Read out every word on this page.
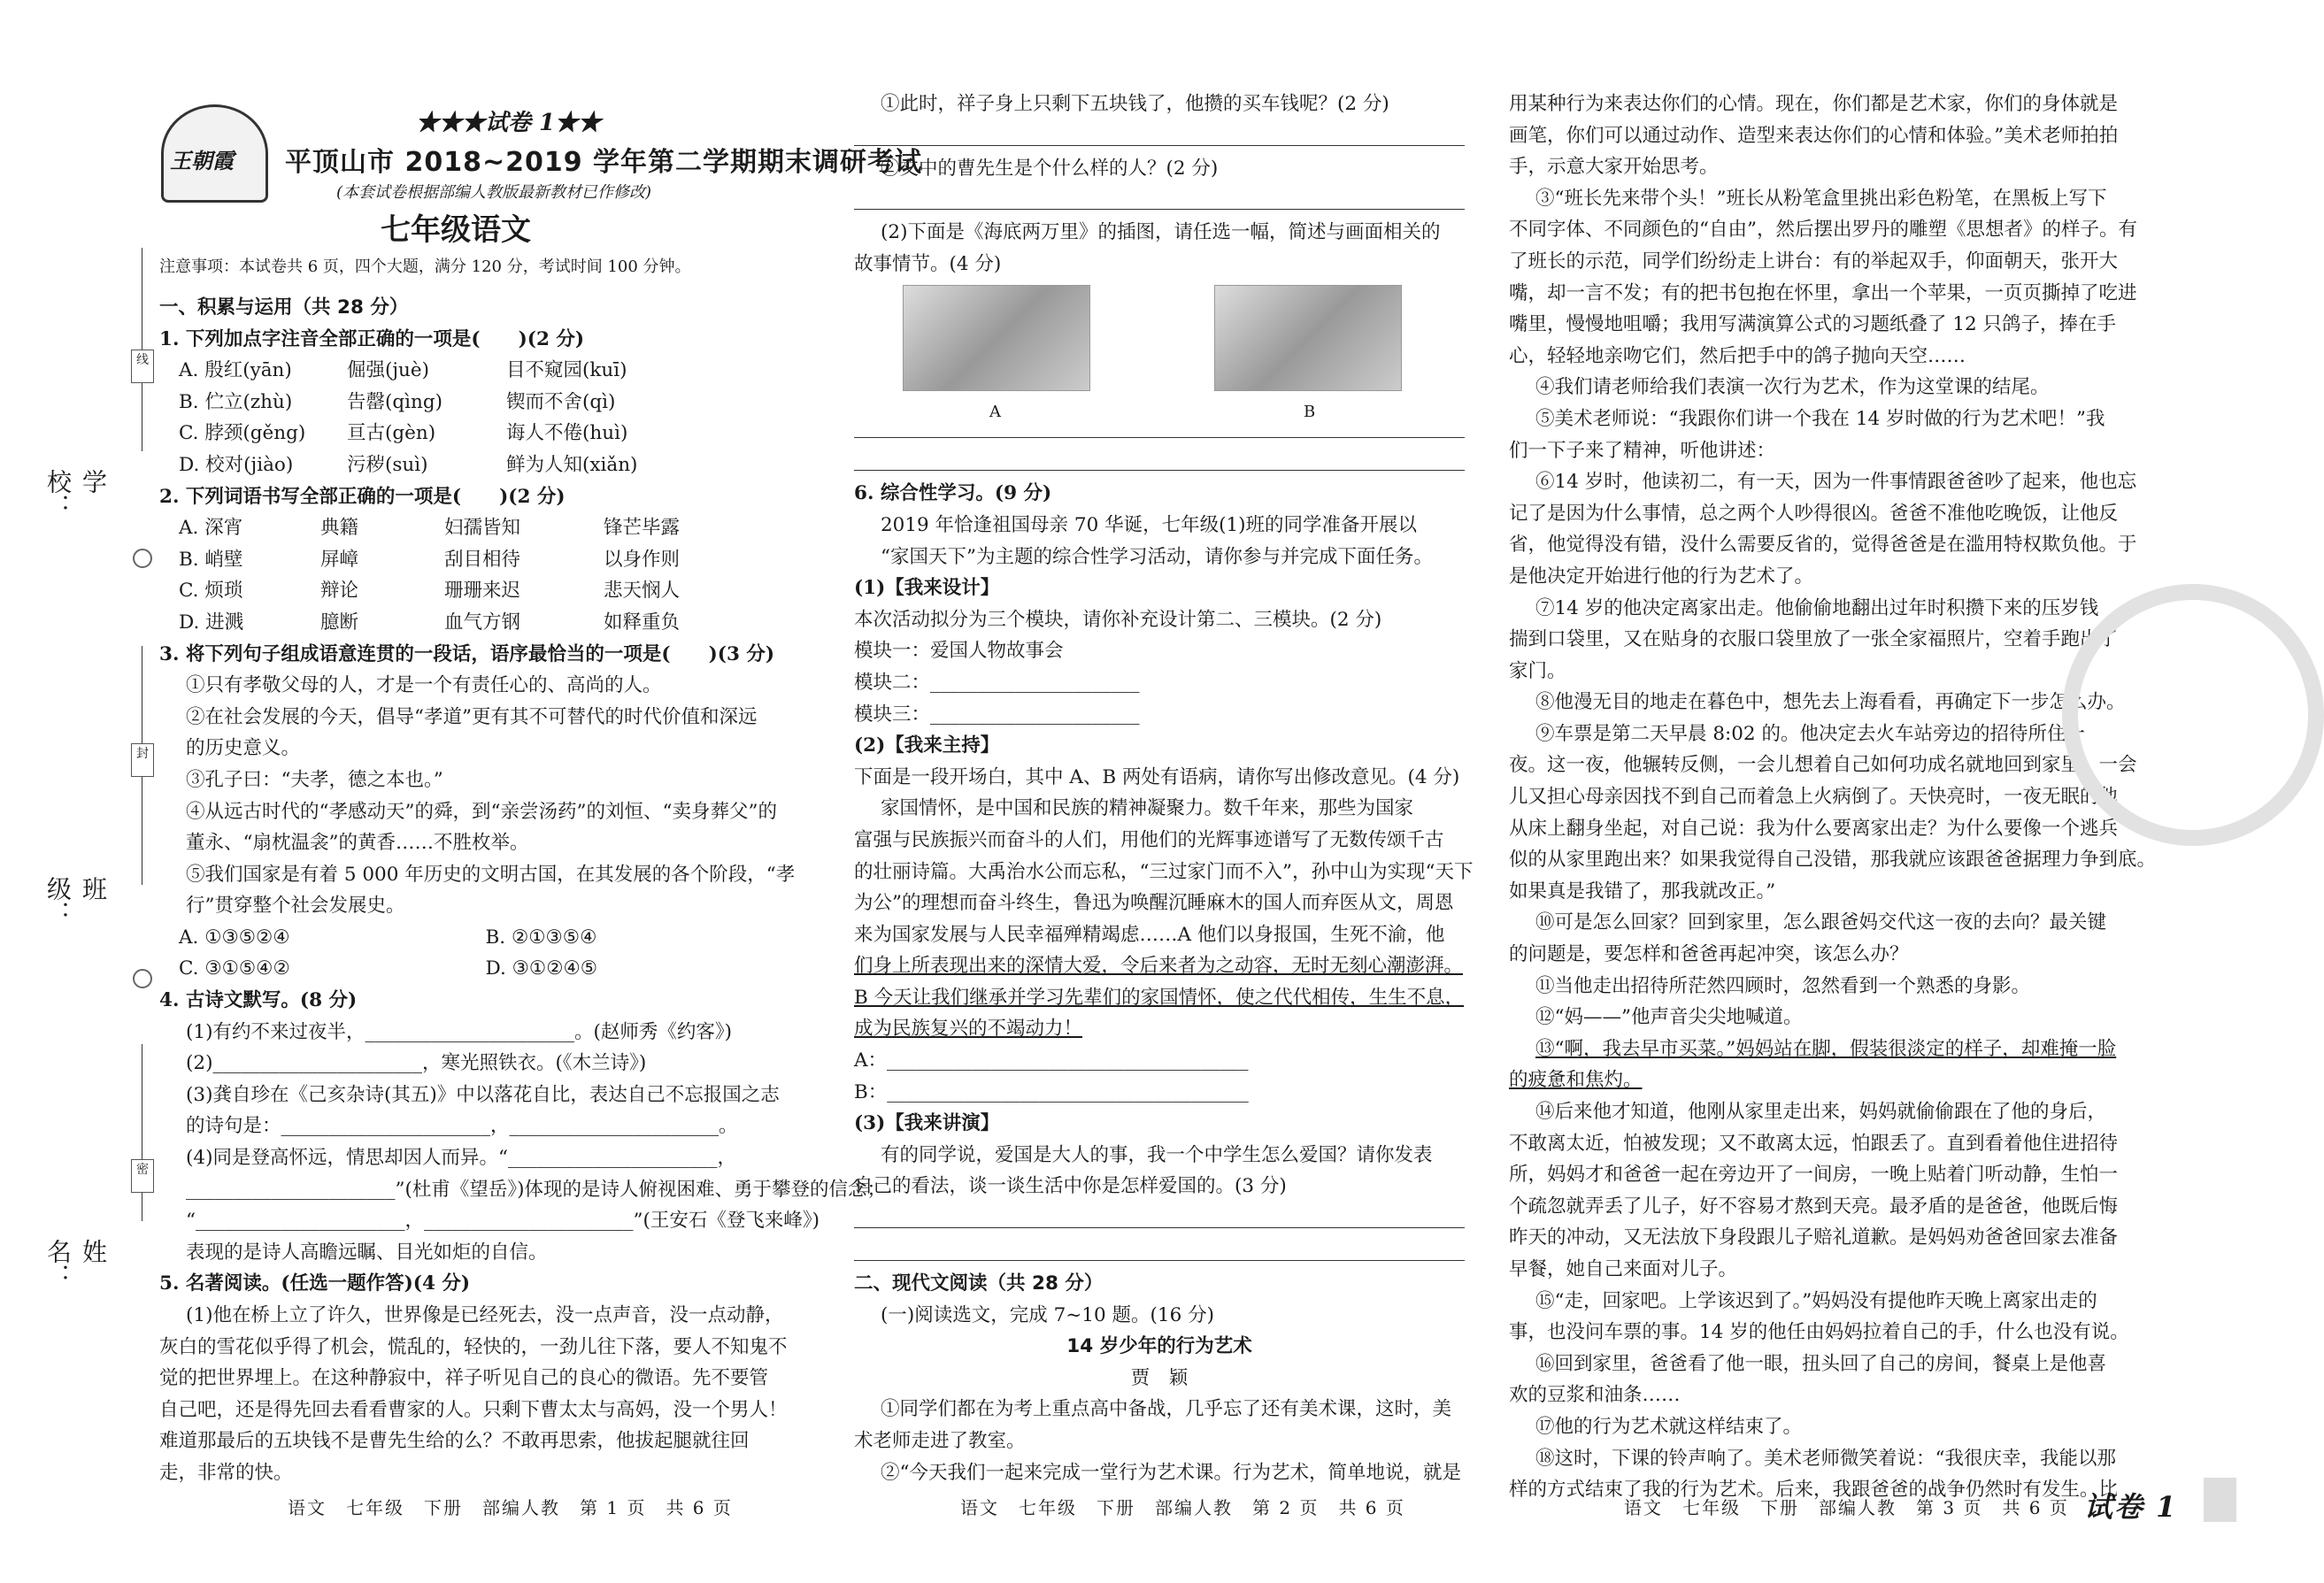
学校：
线
封
班级：
密
姓名：
王朝霞
★★★试卷 1★★
平顶山市 2018~2019 学年第二学期期末调研考试
(本套试卷根据部编人教版最新教材已作修改)
七年级语文
注意事项：本试卷共 6 页，四个大题，满分 120 分，考试时间 100 分钟。
一、积累与运用（共 28 分）
1. 下列加点字注音全部正确的一项是(　　)(2 分)
A. 殷红(yān)	倔强(juè)	目不窥园(kuī)
B. 伫立(zhù)	告罄(qìng)	锲而不舍(qì)
C. 脖颈(gěng)	亘古(gèn)	诲人不倦(huì)
D. 校对(jiào)	污秽(suì)	鲜为人知(xiǎn)
2. 下列词语书写全部正确的一项是(　　)(2 分)
A. 深宵	典籍	妇孺皆知	锋芒毕露
B. 峭壁	屏嶂	刮目相待	以身作则
C. 烦琐	辩论	珊珊来迟	悲天悯人
D. 进溅	臆断	血气方钢	如释重负
3. 将下列句子组成语意连贯的一段话，语序最恰当的一项是(　　)(3 分)
①只有孝敬父母的人，才是一个有责任心的、高尚的人。
②在社会发展的今天，倡导“孝道”更有其不可替代的时代价值和深远
的历史意义。
③孔子曰：“夫孝，德之本也。”
④从远古时代的“孝感动天”的舜，到“亲尝汤药”的刘恒、“卖身葬父”的
董永、“扇枕温衾”的黄香……不胜枚举。
⑤我们国家是有着 5 000 年历史的文明古国，在其发展的各个阶段，“孝
行”贯穿整个社会发展史。
A. ①③⑤②④	B. ②①③⑤④
C. ③①⑤④②	D. ③①②④⑤
4. 古诗文默写。(8 分)
(1)有约不来过夜半，______________________。(赵师秀《约客》)
(2)______________________，寒光照铁衣。(《木兰诗》)
(3)龚自珍在《己亥杂诗(其五)》中以落花自比，表达自己不忘报国之志
的诗句是：______________________，______________________。
(4)同是登高怀远，情思却因人而异。“______________________，
______________________”(杜甫《望岳》)体现的是诗人俯视困难、勇于攀登的信念；
“______________________，______________________”(王安石《登飞来峰》)
表现的是诗人高瞻远瞩、目光如炬的自信。
5. 名著阅读。(任选一题作答)(4 分)
(1)他在桥上立了许久，世界像是已经死去，没一点声音，没一点动静，
灰白的雪花似乎得了机会，慌乱的，轻快的，一劲儿往下落，要人不知鬼不
觉的把世界埋上。在这种静寂中，祥子听见自己的良心的微语。先不要管
自己吧，还是得先回去看看曹家的人。只剩下曹太太与高妈，没一个男人！
难道那最后的五块钱不是曹先生给的么？不敢再思索，他拔起腿就往回
走，非常的快。
①此时，祥子身上只剩下五块钱了，他攒的买车钱呢？(2 分)
②文中的曹先生是个什么样的人？(2 分)
(2)下面是《海底两万里》的插图，请任选一幅，简述与画面相关的
故事情节。(4 分)
6. 综合性学习。(9 分)
2019 年恰逢祖国母亲 70 华诞，七年级(1)班的同学准备开展以
“家国天下”为主题的综合性学习活动，请你参与并完成下面任务。
(1)【我来设计】
本次活动拟分为三个模块，请你补充设计第二、三模块。(2 分)
模块一：爱国人物故事会
模块二：______________________
模块三：______________________
(2)【我来主持】
下面是一段开场白，其中 A、B 两处有语病，请你写出修改意见。(4 分)
家国情怀，是中国和民族的精神凝聚力。数千年来，那些为国家
富强与民族振兴而奋斗的人们，用他们的光辉事迹谱写了无数传颂千古
的壮丽诗篇。大禹治水公而忘私，“三过家门而不入”，孙中山为实现“天下
为公”的理想而奋斗终生，鲁迅为唤醒沉睡麻木的国人而弃医从文，周恩
来为国家发展与人民幸福殚精竭虑……A 他们以身报国，生死不渝，他
们身上所表现出来的深情大爱，令后来者为之动容，无时无刻心潮澎湃。
B 今天让我们继承并学习先辈们的家国情怀，使之代代相传，生生不息，
成为民族复兴的不竭动力！
A：______________________________________
B：______________________________________
(3)【我来讲演】
有的同学说，爱国是大人的事，我一个中学生怎么爱国？请你发表
自己的看法，谈一谈生活中你是怎样爱国的。(3 分)
二、现代文阅读（共 28 分）
(一)阅读选文，完成 7~10 题。(16 分)
14 岁少年的行为艺术
贾　颖
①同学们都在为考上重点高中备战，几乎忘了还有美术课，这时，美
术老师走进了教室。
②“今天我们一起来完成一堂行为艺术课。行为艺术，简单地说，就是
用某种行为来表达你们的心情。现在，你们都是艺术家，你们的身体就是
画笔，你们可以通过动作、造型来表达你们的心情和体验。”美术老师拍拍
手，示意大家开始思考。
③“班长先来带个头！”班长从粉笔盒里挑出彩色粉笔，在黑板上写下
不同字体、不同颜色的“自由”，然后摆出罗丹的雕塑《思想者》的样子。有
了班长的示范，同学们纷纷走上讲台：有的举起双手，仰面朝天，张开大
嘴，却一言不发；有的把书包抱在怀里，拿出一个苹果，一页页撕掉了吃进
嘴里，慢慢地咀嚼；我用写满演算公式的习题纸叠了 12 只鸽子，捧在手
心，轻轻地亲吻它们，然后把手中的鸽子抛向天空……
④我们请老师给我们表演一次行为艺术，作为这堂课的结尾。
⑤美术老师说：“我跟你们讲一个我在 14 岁时做的行为艺术吧！”我
们一下子来了精神，听他讲述：
⑥14 岁时，他读初二，有一天，因为一件事情跟爸爸吵了起来，他也忘
记了是因为什么事情，总之两个人吵得很凶。爸爸不准他吃晚饭，让他反
省，他觉得没有错，没什么需要反省的，觉得爸爸是在滥用特权欺负他。于
是他决定开始进行他的行为艺术了。
⑦14 岁的他决定离家出走。他偷偷地翻出过年时积攒下来的压岁钱
揣到口袋里，又在贴身的衣服口袋里放了一张全家福照片，空着手跑出了
家门。
⑧他漫无目的地走在暮色中，想先去上海看看，再确定下一步怎么办。
⑨车票是第二天早晨 8:02 的。他决定去火车站旁边的招待所住一
夜。这一夜，他辗转反侧，一会儿想着自己如何功成名就地回到家里，一会
儿又担心母亲因找不到自己而着急上火病倒了。天快亮时，一夜无眠的他
从床上翻身坐起，对自己说：我为什么要离家出走？为什么要像一个逃兵
似的从家里跑出来？如果我觉得自己没错，那我就应该跟爸爸据理力争到底。
如果真是我错了，那我就改正。”
⑩可是怎么回家？回到家里，怎么跟爸妈交代这一夜的去向？最关键
的问题是，要怎样和爸爸再起冲突，该怎么办？
⑪当他走出招待所茫然四顾时，忽然看到一个熟悉的身影。
⑫“妈——”他声音尖尖地喊道。
⑬“啊，我去早市买菜。”妈妈站在脚，假装很淡定的样子，却难掩一脸
的疲惫和焦灼。
⑭后来他才知道，他刚从家里走出来，妈妈就偷偷跟在了他的身后，
不敢离太近，怕被发现；又不敢离太远，怕跟丢了。直到看着他住进招待
所，妈妈才和爸爸一起在旁边开了一间房，一晚上贴着门听动静，生怕一
个疏忽就弄丢了儿子，好不容易才熬到天亮。最矛盾的是爸爸，他既后悔
昨天的冲动，又无法放下身段跟儿子赔礼道歉。是妈妈劝爸爸回家去准备
早餐，她自己来面对儿子。
⑮“走，回家吧。上学该迟到了。”妈妈没有提他昨天晚上离家出走的
事，也没问车票的事。14 岁的他任由妈妈拉着自己的手，什么也没有说。
⑯回到家里，爸爸看了他一眼，扭头回了自己的房间，餐桌上是他喜
欢的豆浆和油条……
⑰他的行为艺术就这样结束了。
⑱这时，下课的铃声响了。美术老师微笑着说：“我很庆幸，我能以那
样的方式结束了我的行为艺术。后来，我跟爸爸的战争仍然时有发生。比
A	B
语文　七年级　下册　部编人教　第 1 页　共 6 页	语文　七年级　下册　部编人教　第 2 页　共 6 页	语文　七年级　下册　部编人教　第 3 页　共 6 页 试卷 1
